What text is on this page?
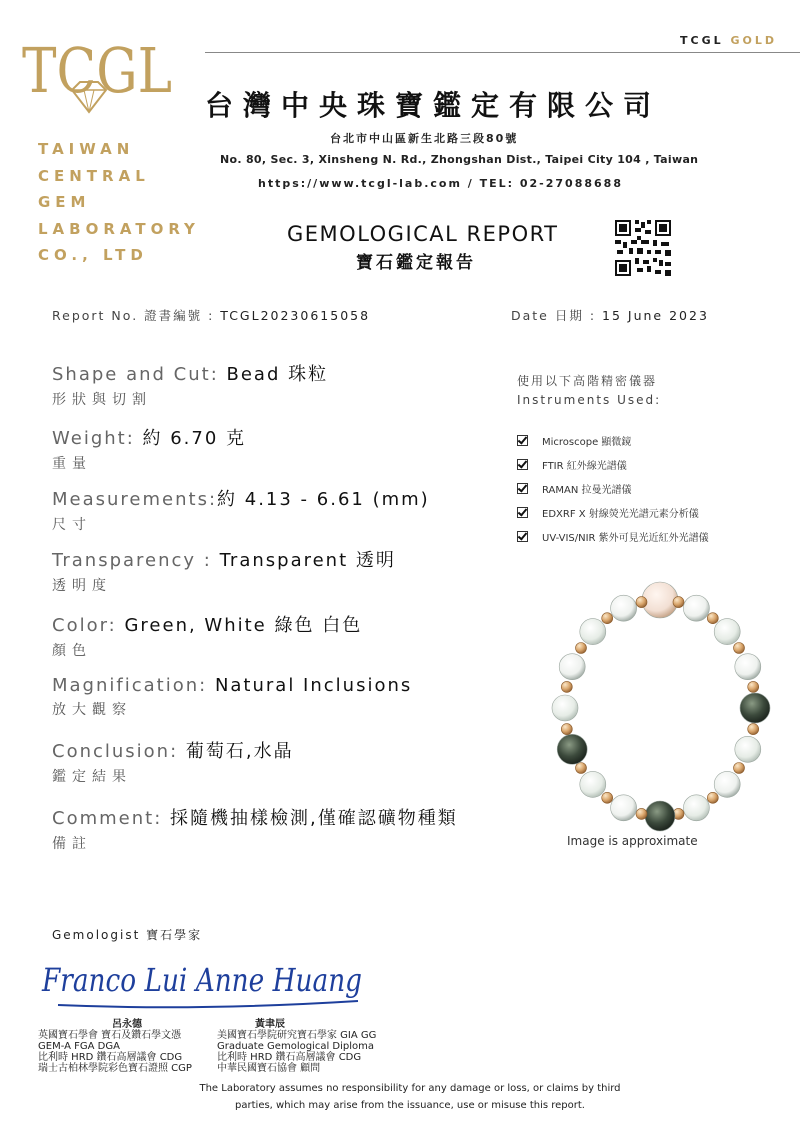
TCGL GOLD
TCGL
TAIWAN
CENTRAL
GEM
LABORATORY
CO., LTD
台灣中央珠寶鑑定有限公司
台北市中山區新生北路三段80號
No. 80, Sec. 3, Xinsheng N. Rd., Zhongshan Dist., Taipei City 104 , Taiwan
https://www.tcgl-lab.com / TEL: 02-27088688
GEMOLOGICAL REPORT
寶石鑑定報告
Report No. 證書編號 : TCGL20230615058	Date 日期 : 15 June 2023
Shape and Cut: Bead 珠粒
形狀與切割
Weight: 約 6.70 克
重量
Measurements:約 4.13 - 6.61 (mm)
尺寸
Transparency : Transparent 透明
透明度
Color: Green, White 綠色 白色
顏色
Magnification: Natural Inclusions
放大觀察
Conclusion: 葡萄石,水晶
鑑定結果
Comment: 採隨機抽樣檢測,僅確認礦物種類
備註
使用以下高階精密儀器
Instruments Used:
Microscope 顯微鏡
FTIR 紅外線光譜儀
RAMAN 拉曼光譜儀
EDXRF X 射線熒光光譜元素分析儀
UV-VIS/NIR 紫外可見光近紅外光譜儀
Image is approximate
Gemologist 寶石學家
Franco Lui Anne Huang
呂永德	黃聿辰
英國寶石學會 寶石及鑽石學文憑
GEM-A FGA DGA
比利時 HRD 鑽石高層議會 CDG
瑞士古柏林學院彩色寶石證照 CGP
美國寶石學院研究寶石學家 GIA GG
Graduate Gemological Diploma
比利時 HRD 鑽石高層議會 CDG
中華民國寶石協會 顧問
The Laboratory assumes no responsibility for any damage or loss, or claims by third parties, which may arise from the issuance, use or misuse this report.
